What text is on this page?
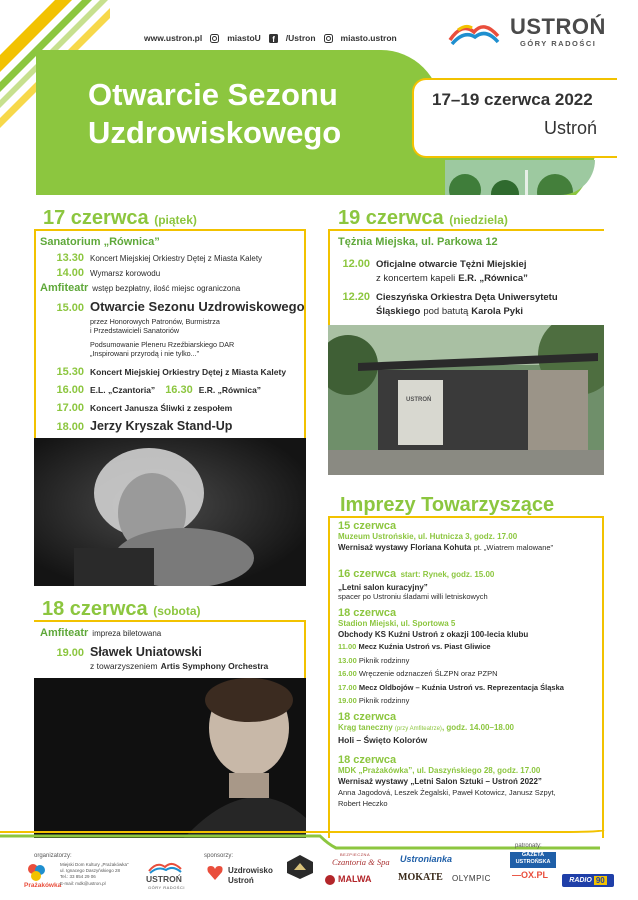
www.ustron.pl	miastoU f /Ustron	miasto.ustron	USTROŃ
GÓRY RADOŚCI
Otwarcie Sezonu
Uzdrowiskowego
17–19 czerwca 2022
Ustroń
17 czerwca (piątek)
Sanatorium „Równica”
13.30 Koncert Miejskiej Orkiestry Dętej z Miasta Kalety
14.00 Wymarsz korowodu
Amfiteatr wstęp bezpłatny, ilość miejsc ograniczona
15.00 Otwarcie Sezonu Uzdrowiskowego
przez Honorowych Patronów, Burmistrza
i Przedstawicieli Sanatoriów
Podsumowanie Pleneru Rzeźbiarskiego DAR
„Inspirowani przyrodą i nie tylko...”
15.30 Koncert Miejskiej Orkiestry Dętej z Miasta Kalety
16.00 E.L. „Czantoria” 16.30 E.R. „Równica”
17.00 Koncert Janusza Śliwki z zespołem
18.00 Jerzy Kryszak Stand-Up
18 czerwca (sobota)
Amfiteatr impreza biletowana
19.00 Sławek Uniatowski
z towarzyszeniem Artis Symphony Orchestra
19 czerwca (niedziela)
Tężnia Miejska, ul. Parkowa 12
12.00 Oficjalne otwarcie Tężni Miejskiej
z koncertem kapeli E.R. „Równica”
12.20 Cieszyńska Orkiestra Dęta Uniwersytetu
Śląskiego pod batutą Karola Pyki
USTROŃ
Imprezy Towarzyszące
15 czerwca
Muzeum Ustrońskie, ul. Hutnicza 3, godz. 17.00
Wernisaż wystawy Floriana Kohuta pt. „Wiatrem malowane”
16 czerwca start: Rynek, godz. 15.00
„Letni salon kuracyjny”
spacer po Ustroniu śladami willi letniskowych
18 czerwca
Stadion Miejski, ul. Sportowa 5
Obchody KS Kuźni Ustroń z okazji 100-lecia klubu
11.00 Mecz Kuźnia Ustroń vs. Piast Gliwice
13.00 Piknik rodzinny
16.00 Wręczenie odznaczeń ŚLZPN oraz PZPN
17.00 Mecz Oldbojów – Kuźnia Ustroń vs. Reprezentacja Śląska
19.00 Piknik rodzinny
18 czerwca
Krąg taneczny (przy Amfiteatrze), godz. 14.00–18.00
Holi – Święto Kolorów
18 czerwca
MDK „Prażakówka”, ul. Daszyńskiego 28, godz. 17.00
Wernisaż wystawy „Letni Salon Sztuki – Ustroń 2022”
Anna Jagodová, Leszek Żegalski, Paweł Kotowicz, Janusz Szpyt,
Robert Heczko
organizatorzy:
Prażakówka
Miejski Dom Kultury „Prażakówka”
ul. Ignacego Daszyńskiego 28
Tel.: 33 854 29 06
E-mail: mdk@ustron.pl	USTROŃ
GÓRY RADOŚCI
sponsorzy:
Uzdrowisko
Ustroń
BEZPIECZNA
Czantoria & Spa Ustronianka
MALWA	MOKATE OLYMPIC
patronaty:
GAZETA
USTROŃSKA
—OX.PL
RADIO 90
